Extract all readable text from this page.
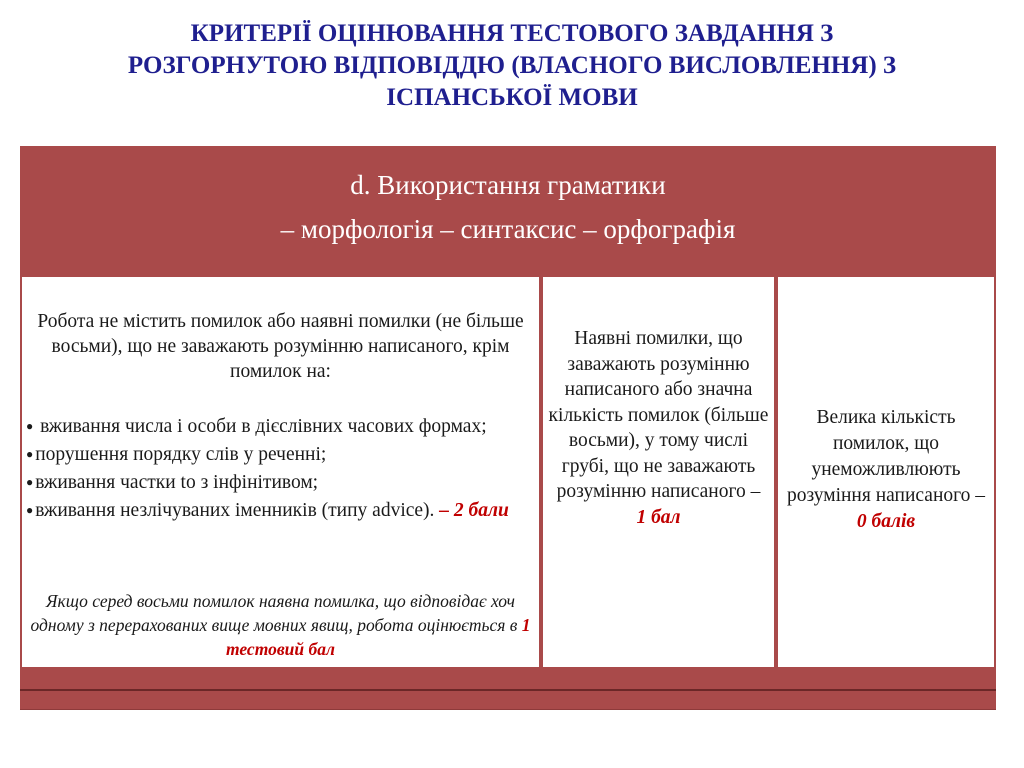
КРИТЕРІЇ ОЦІНЮВАННЯ ТЕСТОВОГО ЗАВДАННЯ З
РОЗГОРНУТОЮ ВІДПОВІДДЮ (ВЛАСНОГО ВИСЛОВЛЕННЯ) З
ІСПАНСЬКОЇ МОВИ
d. Використання граматики
– морфологія – синтаксис – орфографія
Робота не містить помилок або наявні помилки (не більше восьми), що не заважають розумінню написаного, крім помилок на:
● вживання числа і особи в дієслівних часових формах;
● порушення порядку слів у реченні;
● вживання частки to з інфінітивом;
● вживання незлічуваних іменників (типу advice). – 2 бали
Якщо серед восьми помилок наявна помилка, що відповідає хоч одному з перерахованих вище мовних явищ, робота оцінюється в 1 тестовий бал
Наявні помилки, що заважають розумінню написаного або значна кількість помилок (більше восьми), у тому числі грубі, що не заважають розумінню написаного –
1 бал
Велика кількість помилок, що унеможливлюють розуміння написаного –
0 балів
